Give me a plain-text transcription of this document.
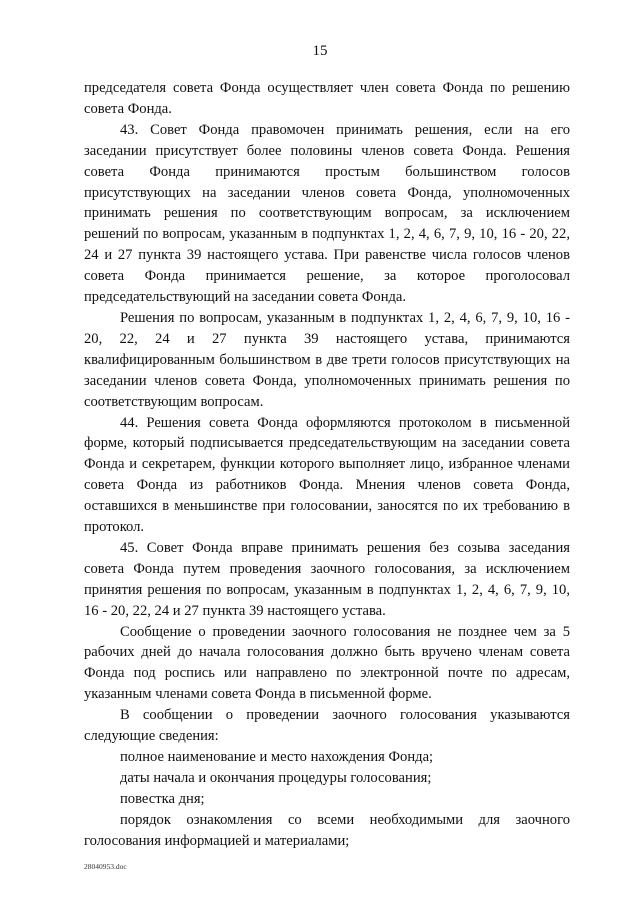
15

председателя совета Фонда осуществляет член совета Фонда по решению совета Фонда.

43. Совет Фонда правомочен принимать решения, если на его заседании присутствует более половины членов совета Фонда. Решения совета Фонда принимаются простым большинством голосов присутствующих на заседании членов совета Фонда, уполномоченных принимать решения по соответствующим вопросам, за исключением решений по вопросам, указанным в подпунктах 1, 2, 4, 6, 7, 9, 10, 16 - 20, 22, 24 и 27 пункта 39 настоящего устава. При равенстве числа голосов членов совета Фонда принимается решение, за которое проголосовал председательствующий на заседании совета Фонда.

Решения по вопросам, указанным в подпунктах 1, 2, 4, 6, 7, 9, 10, 16 - 20, 22, 24 и 27 пункта 39 настоящего устава, принимаются квалифицированным большинством в две трети голосов присутствующих на заседании членов совета Фонда, уполномоченных принимать решения по соответствующим вопросам.

44. Решения совета Фонда оформляются протоколом в письменной форме, который подписывается председательствующим на заседании совета Фонда и секретарем, функции которого выполняет лицо, избранное членами совета Фонда из работников Фонда. Мнения членов совета Фонда, оставшихся в меньшинстве при голосовании, заносятся по их требованию в протокол.

45. Совет Фонда вправе принимать решения без созыва заседания совета Фонда путем проведения заочного голосования, за исключением принятия решения по вопросам, указанным в подпунктах 1, 2, 4, 6, 7, 9, 10, 16 - 20, 22, 24 и 27 пункта 39 настоящего устава.

Сообщение о проведении заочного голосования не позднее чем за 5 рабочих дней до начала голосования должно быть вручено членам совета Фонда под роспись или направлено по электронной почте по адресам, указанным членами совета Фонда в письменной форме.

В сообщении о проведении заочного голосования указываются следующие сведения:

полное наименование и место нахождения Фонда;

даты начала и окончания процедуры голосования;

повестка дня;

порядок ознакомления со всеми необходимыми для заочного голосования информацией и материалами;

28040953.doc
